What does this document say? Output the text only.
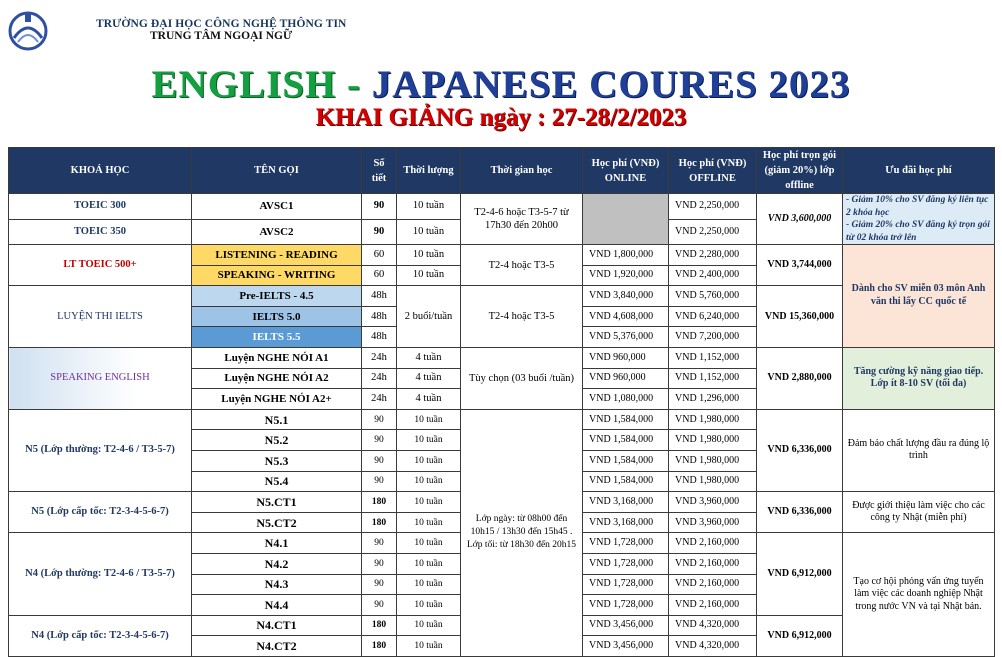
TRƯỜNG ĐẠI HỌC CÔNG NGHỆ THÔNG TIN
TRUNG TÂM NGOẠI NGỮ
ENGLISH - JAPANESE COURES 2023
KHAI GIẢNG ngày : 27-28/2/2023
KHOÁ HỌC	TÊN GỌI	Số tiết	Thời lượng	Thời gian học	Học phí (VNĐ) ONLINE	Học phí (VNĐ) OFFLINE	Học phí trọn gói (giảm 20%) lớp offline	Ưu đãi học phí
TOEIC 300	AVSC1	90	10 tuần	T2-4-6 hoặc T3-5-7 từ 17h30 đến 20h00		VND 2,250,000	VND 3,600,000	- Giảm 10% cho SV đăng ký liên tục 2 khóa học
- Giảm 20% cho SV đăng ký trọn gói từ 02 khóa trở lên
TOEIC 350	AVSC2	90	10 tuần			VND 2,250,000		
LT TOEIC 500+	LISTENING - READING	60	10 tuần	T2-4 hoặc T3-5	VND 1,800,000	VND 2,280,000	VND 3,744,000	Dành cho SV miễn 03 môn Anh văn thi lấy CC quốc tế
	SPEAKING - WRITING	60	10 tuần		VND 1,920,000	VND 2,400,000		
LUYỆN THI IELTS	Pre-IELTS - 4.5	48h	2 buổi/tuần	T2-4 hoặc T3-5	VND 3,840,000	VND 5,760,000	VND 15,360,000	
	IELTS 5.0	48h			VND 4,608,000	VND 6,240,000		
	IELTS 5.5	48h			VND 5,376,000	VND 7,200,000		
SPEAKING ENGLISH	Luyện NGHE NÓI A1	24h	4 tuần	Tùy chọn (03 buổi /tuần)	VND 960,000	VND 1,152,000	VND 2,880,000	Tăng cường kỹ năng giao tiếp. Lớp ít 8-10 SV (tối đa)
	Luyện NGHE NÓI A2	24h	4 tuần		VND 960,000	VND 1,152,000		
	Luyện NGHE NÓI A2+	24h	4 tuần		VND 1,080,000	VND 1,296,000		
N5 (Lớp thường: T2-4-6 / T3-5-7)	N5.1	90	10 tuần	Lớp ngày: từ 08h00 đến 10h15 / 13h30 đến 15h45 . Lớp tối: từ 18h30 đến 20h15	VND 1,584,000	VND 1,980,000	VND 6,336,000	Đảm bảo chất lượng đầu ra đúng lộ trình
	N5.2	90	10 tuần		VND 1,584,000	VND 1,980,000		
	N5.3	90	10 tuần		VND 1,584,000	VND 1,980,000		
	N5.4	90	10 tuần		VND 1,584,000	VND 1,980,000		
N5 (Lớp cấp tốc: T2-3-4-5-6-7)	N5.CT1	180	10 tuần		VND 3,168,000	VND 3,960,000	VND 6,336,000	Được giới thiệu làm việc cho các công ty Nhật (miễn phí)
	N5.CT2	180	10 tuần		VND 3,168,000	VND 3,960,000		
N4 (Lớp thường: T2-4-6 / T3-5-7)	N4.1	90	10 tuần		VND 1,728,000	VND 2,160,000	VND 6,912,000	Tạo cơ hội phỏng vấn ứng tuyển làm việc các doanh nghiệp Nhật trong nước VN và tại Nhật bản.
	N4.2	90	10 tuần		VND 1,728,000	VND 2,160,000		
	N4.3	90	10 tuần		VND 1,728,000	VND 2,160,000		
	N4.4	90	10 tuần		VND 1,728,000	VND 2,160,000		
N4 (Lớp cấp tốc: T2-3-4-5-6-7)	N4.CT1	180	10 tuần		VND 3,456,000	VND 4,320,000	VND 6,912,000	
	N4.CT2	180	10 tuần		VND 3,456,000	VND 4,320,000		
